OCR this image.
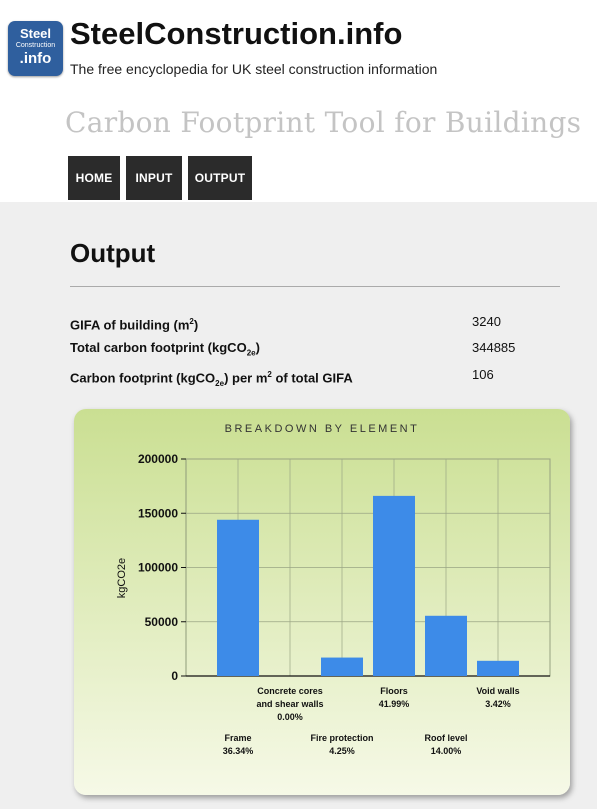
Steel
Construction
.info
SteelConstruction.info
The free encyclopedia for UK steel construction information
Carbon Footprint Tool for Buildings
HOME	INPUT	OUTPUT
Output
GIFA of building $(m^2)$	3240
Total carbon footprint (kgCO$_{2e}$)	344885
Carbon footprint (kgCO$_{2e}$) per $m^2$ of total GIFA	106
BREAKDOWN BY ELEMENT
kgCO2e
0
50000
100000
150000
200000
Frame
36.34%
Concrete cores
and shear walls
0.00%
Fire protection
4.25%
Floors
41.99%
Roof level
14.00%
Void walls
3.42%
